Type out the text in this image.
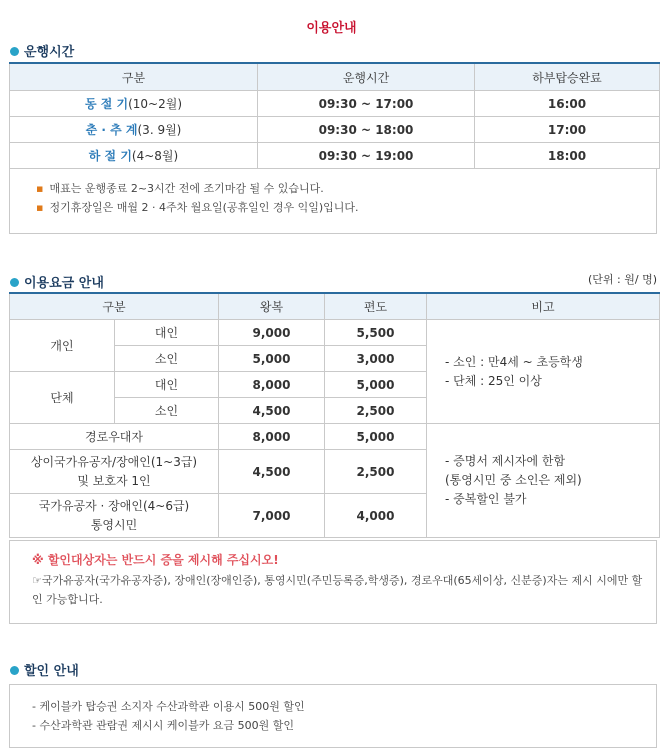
이용안내
운행시간
구분	운행시간	하부탑승완료
동 절 기(10~2월)	09:30 ~ 17:00	16:00
춘 · 추 계(3. 9월)	09:30 ~ 18:00	17:00
하 절 기(4~8월)	09:30 ~ 19:00	18:00
▪ 매표는 운행종료 2~3시간 전에 조기마감 될 수 있습니다.
▪ 정기휴장일은 매월 2 · 4주차 월요일(공휴일인 경우 익일)입니다.
이용요금 안내	(단위 : 원/ 명)
구분		왕복	편도	비고
개인	대인	9,000	5,500	- 소인 : 만4세 ~ 초등학생
- 단체 : 25인 이상

	소인	5,000	3,000	
단체	대인	8,000	5,000	
	소인	4,500	2,500	
경로우대자		8,000	5,000	- 증명서 제시자에 한함
(통영시민 중 소인은 제외)
- 중복할인 불가

상이국가유공자/장애인(1~3급)
및 보호자 1인		4,500	2,500	

국가유공자 · 장애인(4~6급)
통영시민		7,000	4,000	
※ 할인대상자는 반드시 증을 제시해 주십시오!
☞국가유공자(국가유공자증), 장애인(장애인증), 통영시민(주민등록증,학생증), 경로우대(65세이상, 신분증)자는 제시 시에만 할인 가능합니다.
할인 안내
- 케이블카 탑승권 소지자 수산과학관 이용시 500원 할인
- 수산과학관 관람권 제시시 케이블카 요금 500원 할인
